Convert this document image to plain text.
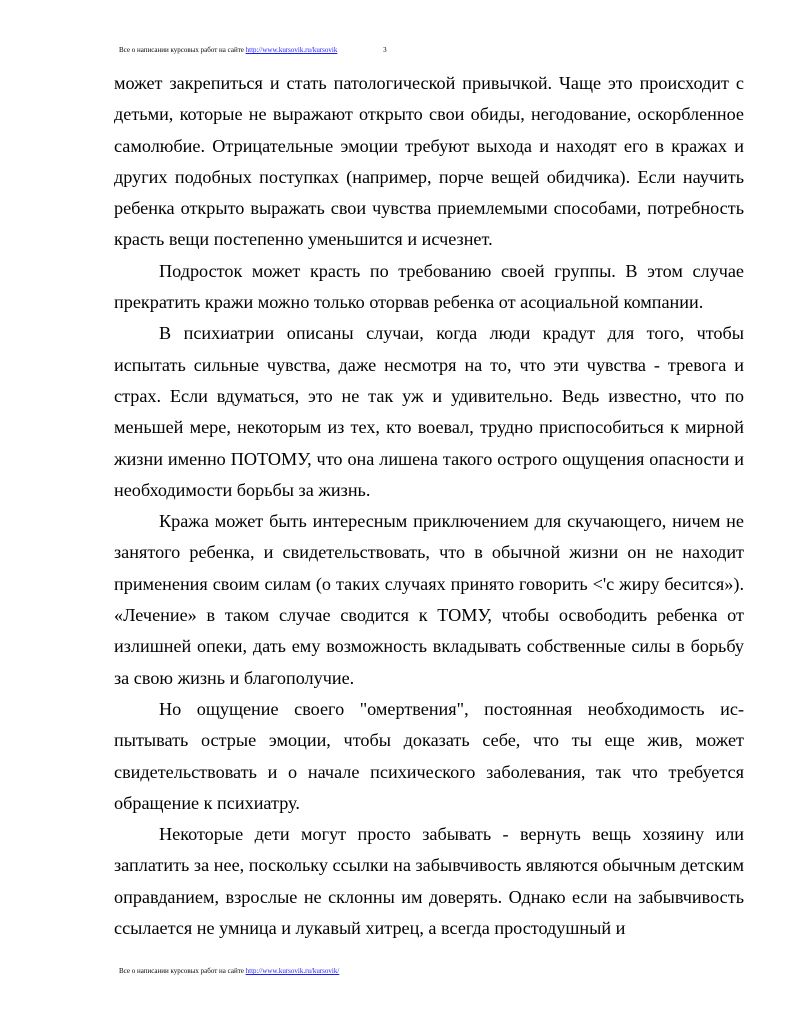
Все о написании курсовых работ на сайте http://www.kursovik.ru/kursovik	3

может закрепиться и стать патологической привычкой. Чаще это происходит с детьми, которые не выражают открыто свои обиды, негодование, оскорбленное самолюбие. Отрицательные эмоции требуют выхода и находят его в кражах и других подобных поступках (например, порче вещей обидчика). Если научить ребенка открыто выражать свои чувства приемлемыми способами, потребность красть вещи постепенно уменьшится и исчезнет.

Подросток может красть по требованию своей группы. В этом случае прекратить кражи можно только оторвав ребенка от асоциальной компании.

В психиатрии описаны случаи, когда люди крадут для того, чтобы испытать сильные чувства, даже несмотря на то, что эти чувства - тревога и страх. Если вдуматься, это не так уж и удивительно. Ведь известно, что по меньшей мере, некоторым из тех, кто воевал, трудно приспособиться к мирной жизни именно ПОТОМУ, что она лишена такого острого ощущения опасности и необходимости борьбы за жизнь.

Кража может быть интересным приключением для скучающего, ничем не занятого ребенка, и свидетельствовать, что в обычной жизни он не находит применения своим силам (о таких случаях принято говорить <'с жиру бесится»). «Лечение» в таком случае сводится к ТОМУ, чтобы освободить ребенка от излишней опеки, дать ему возможность вкладывать собственные силы в борьбу за свою жизнь и благополучие.

Но ощущение своего "омертвения", постоянная необходимость ис-пытывать острые эмоции, чтобы доказать себе, что ты еще жив, может свидетельствовать и о начале психического заболевания, так что требуется обращение к психиатру.

Некоторые дети могут просто забывать - вернуть вещь хозяину или заплатить за нее, поскольку ссылки на забывчивость являются обычным детским оправданием, взрослые не склонны им доверять. Однако если на забывчивость ссылается не умница и лукавый хитрец, а всегда простодушный и

Все о написании курсовых работ на сайте http://www.kursovik.ru/kursovik/
